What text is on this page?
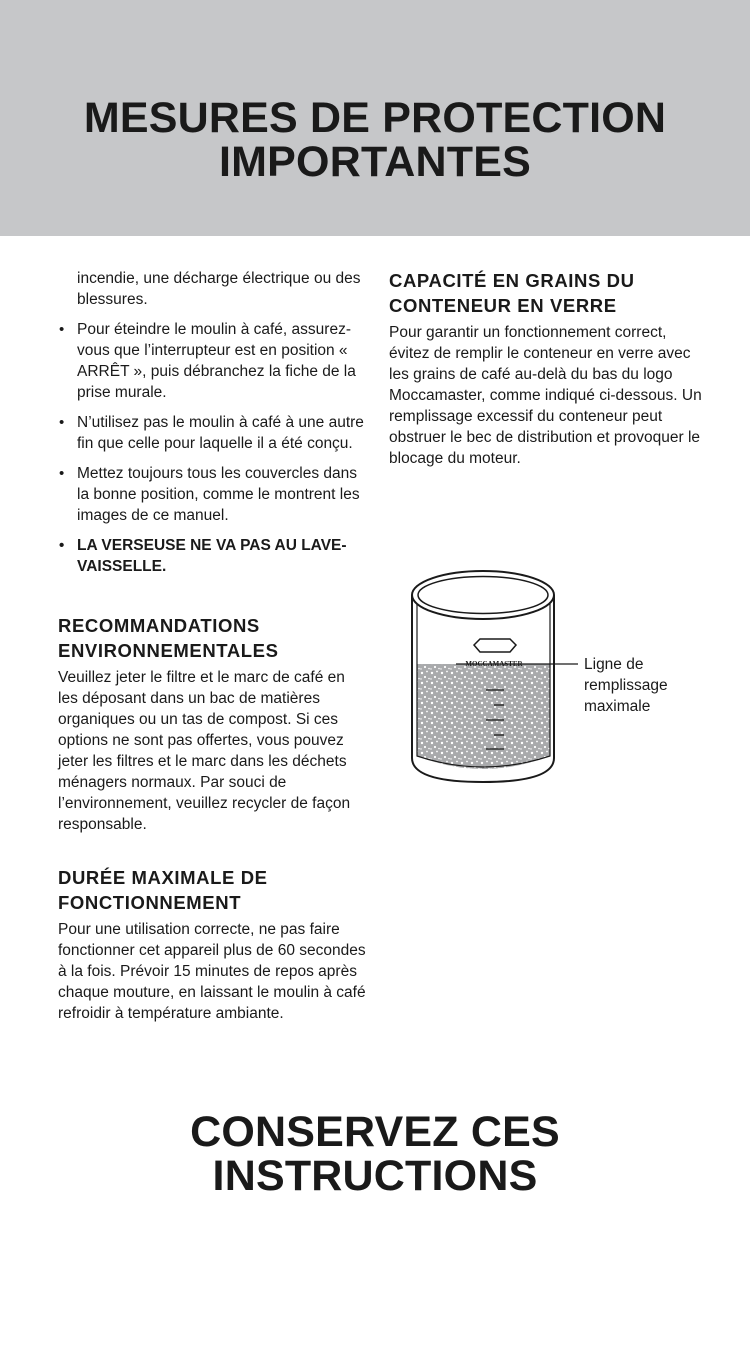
MESURES DE PROTECTION
IMPORTANTES

incendie, une décharge électrique ou des blessures.

• Pour éteindre le moulin à café, assurez-vous que l’interrupteur est en position « ARRÊT », puis débranchez la fiche de la prise murale.
• N’utilisez pas le moulin à café à une autre fin que celle pour laquelle il a été conçu.
• Mettez toujours tous les couvercles dans la bonne position, comme le montrent les images de ce manuel.
• LA VERSEUSE NE VA PAS AU LAVE-VAISSELLE.
RECOMMANDATIONS
ENVIRONNEMENTALES

Veuillez jeter le filtre et le marc de café en les déposant dans un bac de matières organiques ou un tas de compost. Si ces options ne sont pas offertes, vous pouvez jeter les filtres et le marc dans les déchets ménagers normaux. Par souci de l’environnement, veuillez recycler de façon responsable.

DURÉE MAXIMALE DE
FONCTIONNEMENT

Pour une utilisation correcte, ne pas faire fonctionner cet appareil plus de 60 secondes à la fois. Prévoir 15 minutes de repos après chaque mouture, en laissant le moulin à café refroidir à température ambiante.

CAPACITÉ EN GRAINS DU
CONTENEUR EN VERRE

Pour garantir un fonctionnement correct, évitez de remplir le conteneur en verre avec les grains de café au-delà du bas du logo Moccamaster, comme indiqué ci-dessous. Un remplissage excessif du conteneur peut obstruer le bec de distribution et provoquer le blocage du moteur.

MOCCAMASTER	Ligne de
remplissage
maximale
CONSERVEZ CES
INSTRUCTIONS
